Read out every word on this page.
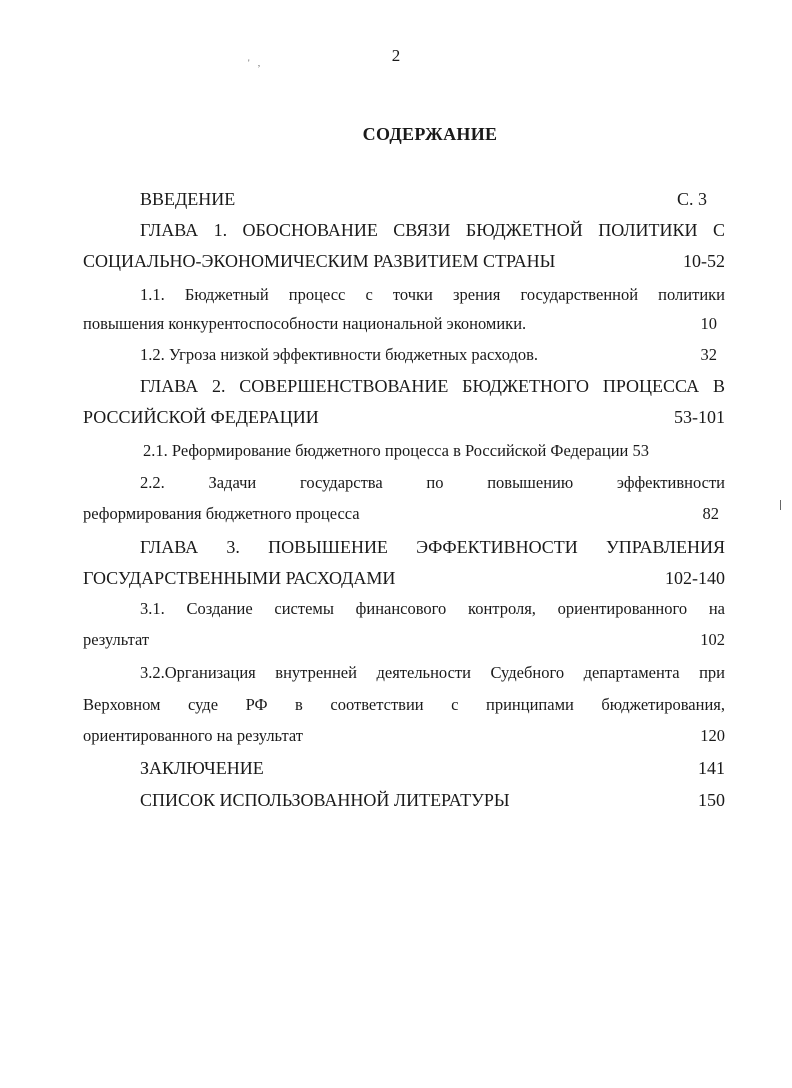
2
' ,
СОДЕРЖАНИЕ
ВВЕДЕНИЕ	С. 3
ГЛАВА 1. ОБОСНОВАНИЕ СВЯЗИ БЮДЖЕТНОЙ ПОЛИТИКИ С
СОЦИАЛЬНО-ЭКОНОМИЧЕСКИМ РАЗВИТИЕМ СТРАНЫ	10-52
1.1. Бюджетный процесс с точки зрения государственной политики
повышения конкурентоспособности национальной экономики.	10
1.2. Угроза низкой эффективности бюджетных расходов.	32
ГЛАВА 2. СОВЕРШЕНСТВОВАНИЕ БЮДЖЕТНОГО ПРОЦЕССА В
РОССИЙСКОЙ ФЕДЕРАЦИИ	53-101
2.1. Реформирование бюджетного процесса в Российской Федерации 53
2.2. Задачи государства по повышению эффективности
реформирования бюджетного процесса	82
ГЛАВА 3. ПОВЫШЕНИЕ ЭФФЕКТИВНОСТИ УПРАВЛЕНИЯ
ГОСУДАРСТВЕННЫМИ РАСХОДАМИ	102-140
3.1. Создание системы финансового контроля, ориентированного на
результат	102
3.2.Организация внутренней деятельности Судебного департамента при
Верховном суде РФ в соответствии с принципами бюджетирования,
ориентированного на результат	120
ЗАКЛЮЧЕНИЕ	141
СПИСОК ИСПОЛЬЗОВАННОЙ ЛИТЕРАТУРЫ	150
